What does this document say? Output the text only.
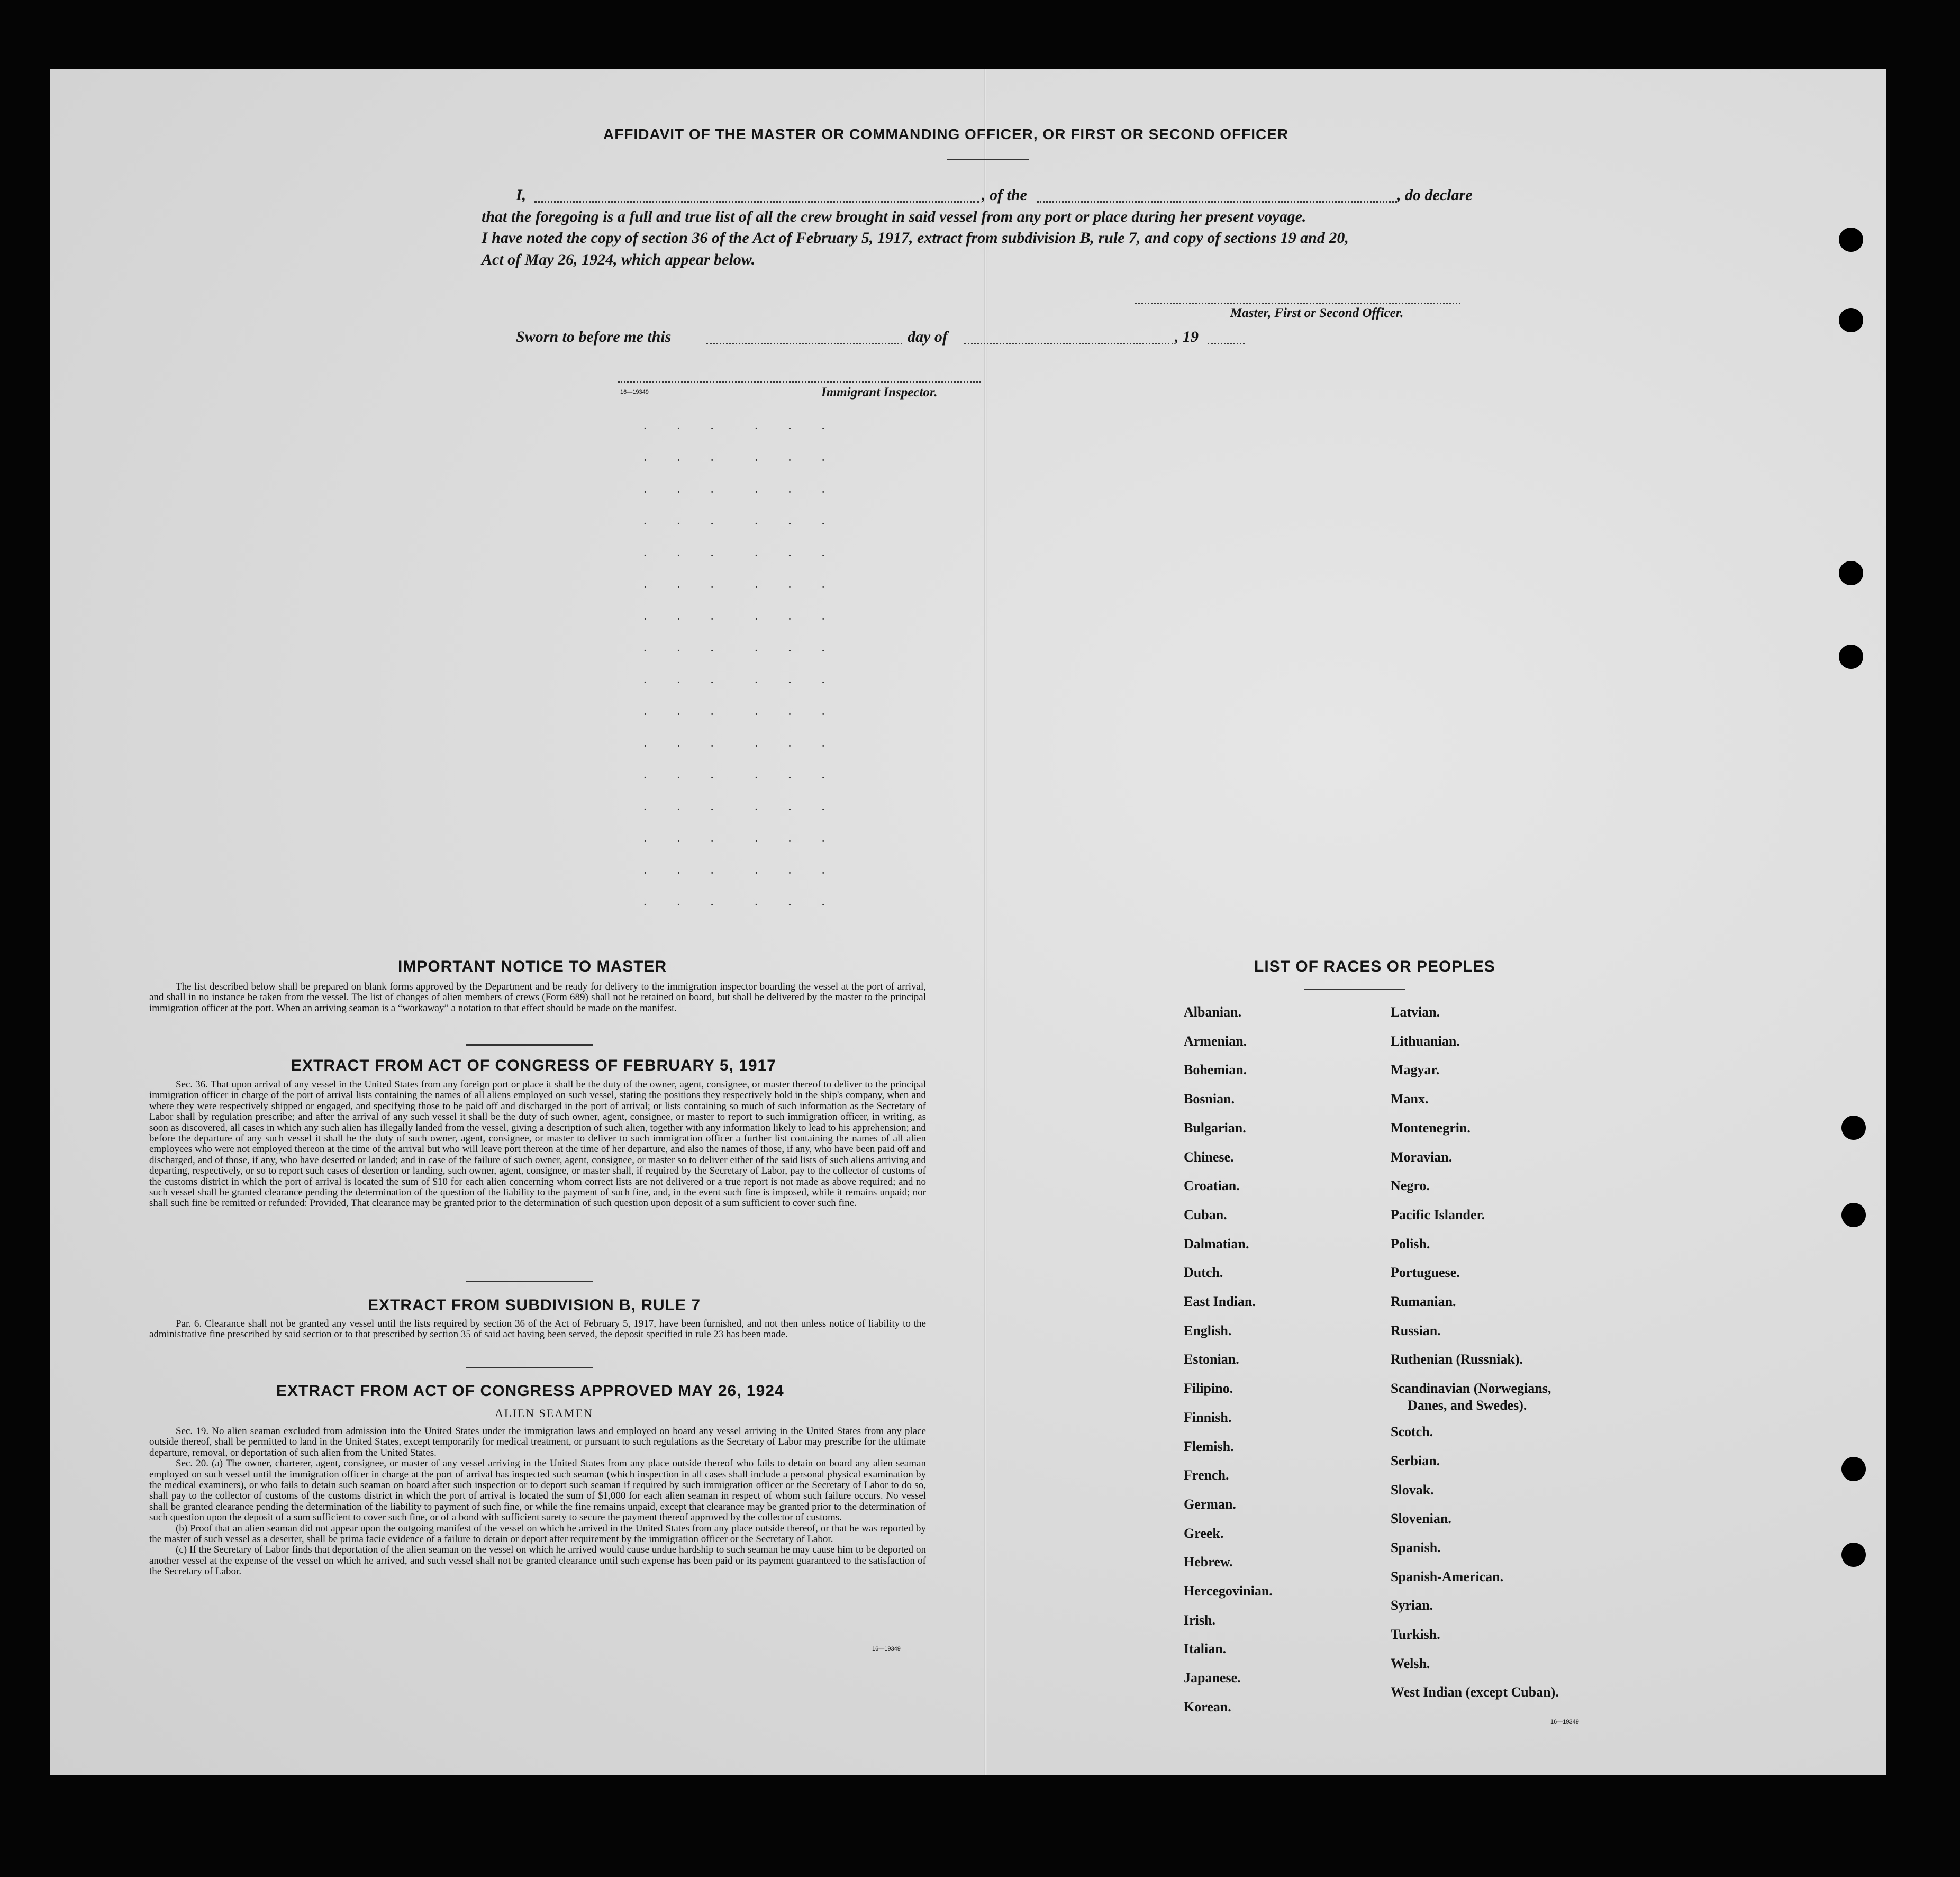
AFFIDAVIT OF THE MASTER OR COMMANDING OFFICER, OR FIRST OR SECOND OFFICER
I,	, of the	, do declare
that the foregoing is a full and true list of all the crew brought in said vessel from any port or place during her present voyage.
I have noted the copy of section 36 of the Act of February 5, 1917, extract from subdivision B, rule 7, and copy of sections 19 and 20,
Act of May 26, 1924, which appear below.
Master, First or Second Officer.
Sworn to before me this	day of	, 19
16—19349	Immigrant Inspector.
· · ·
· · ·
· · ·
· · ·
· · ·
· · ·
· · ·
· · ·
· · ·
· · ·
· · ·
· · ·
· · ·
· · ·
· · ·
· · ·
· · ·
· · ·
· · ·
· · ·
· · ·
· · ·
· · ·
· · ·
· · ·
· · ·
· · ·
· · ·
· · ·
· · ·
· · ·
· · ·
IMPORTANT NOTICE TO MASTER

The list described below shall be prepared on blank forms approved by the Department and be ready for delivery to the immigration inspector boarding the vessel at the port of arrival, and shall in no instance be taken from the vessel. The list of changes of alien members of crews (Form 689) shall not be retained on board, but shall be delivered by the master to the principal immigration officer at the port. When an arriving seaman is a “workaway” a notation to that effect should be made on the manifest.

EXTRACT FROM ACT OF CONGRESS OF FEBRUARY 5, 1917

Sec. 36. That upon arrival of any vessel in the United States from any foreign port or place it shall be the duty of the owner, agent, consignee, or master thereof to deliver to the principal immigration officer in charge of the port of arrival lists containing the names of all aliens employed on such vessel, stating the positions they respectively hold in the ship's company, when and where they were respectively shipped or engaged, and specifying those to be paid off and discharged in the port of arrival; or lists containing so much of such information as the Secretary of Labor shall by regulation prescribe; and after the arrival of any such vessel it shall be the duty of such owner, agent, consignee, or master to report to such immigration officer, in writing, as soon as discovered, all cases in which any such alien has illegally landed from the vessel, giving a description of such alien, together with any information likely to lead to his apprehension; and before the departure of any such vessel it shall be the duty of such owner, agent, consignee, or master to deliver to such immigration officer a further list containing the names of all alien employees who were not employed thereon at the time of the arrival but who will leave port thereon at the time of her departure, and also the names of those, if any, who have been paid off and discharged, and of those, if any, who have deserted or landed; and in case of the failure of such owner, agent, consignee, or master so to deliver either of the said lists of such aliens arriving and departing, respectively, or so to report such cases of desertion or landing, such owner, agent, consignee, or master shall, if required by the Secretary of Labor, pay to the collector of customs of the customs district in which the port of arrival is located the sum of $10 for each alien concerning whom correct lists are not delivered or a true report is not made as above required; and no such vessel shall be granted clearance pending the determination of the question of the liability to the payment of such fine, and, in the event such fine is imposed, while it remains unpaid; nor shall such fine be remitted or refunded: Provided, That clearance may be granted prior to the determination of such question upon deposit of a sum sufficient to cover such fine.

EXTRACT FROM SUBDIVISION B, RULE 7

Par. 6. Clearance shall not be granted any vessel until the lists required by section 36 of the Act of February 5, 1917, have been furnished, and not then unless notice of liability to the administrative fine prescribed by said section or to that prescribed by section 35 of said act having been served, the deposit specified in rule 23 has been made.

EXTRACT FROM ACT OF CONGRESS APPROVED MAY 26, 1924
ALIEN SEAMEN

Sec. 19. No alien seaman excluded from admission into the United States under the immigration laws and employed on board any vessel arriving in the United States from any place outside thereof, shall be permitted to land in the United States, except temporarily for medical treatment, or pursuant to such regulations as the Secretary of Labor may prescribe for the ultimate departure, removal, or deportation of such alien from the United States.

Sec. 20. (a) The owner, charterer, agent, consignee, or master of any vessel arriving in the United States from any place outside thereof who fails to detain on board any alien seaman employed on such vessel until the immigration officer in charge at the port of arrival has inspected such seaman (which inspection in all cases shall include a personal physical examination by the medical examiners), or who fails to detain such seaman on board after such inspection or to deport such seaman if required by such immigration officer or the Secretary of Labor to do so, shall pay to the collector of customs of the customs district in which the port of arrival is located the sum of $1,000 for each alien seaman in respect of whom such failure occurs. No vessel shall be granted clearance pending the determination of the liability to payment of such fine, or while the fine remains unpaid, except that clearance may be granted prior to the determination of such question upon the deposit of a sum sufficient to cover such fine, or of a bond with sufficient surety to secure the payment thereof approved by the collector of customs.

(b) Proof that an alien seaman did not appear upon the outgoing manifest of the vessel on which he arrived in the United States from any place outside thereof, or that he was reported by the master of such vessel as a deserter, shall be prima facie evidence of a failure to detain or deport after requirement by the immigration officer or the Secretary of Labor.

(c) If the Secretary of Labor finds that deportation of the alien seaman on the vessel on which he arrived would cause undue hardship to such seaman he may cause him to be deported on another vessel at the expense of the vessel on which he arrived, and such vessel shall not be granted clearance until such expense has been paid or its payment guaranteed to the satisfaction of the Secretary of Labor.

16—19349
LIST OF RACES OR PEOPLES
Albanian.
Armenian.
Bohemian.
Bosnian.
Bulgarian.
Chinese.
Croatian.
Cuban.
Dalmatian.
Dutch.
East Indian.
English.
Estonian.
Filipino.
Finnish.
Flemish.
French.
German.
Greek.
Hebrew.
Hercegovinian.
Irish.
Italian.
Japanese.
Korean.
Latvian.
Lithuanian.
Magyar.
Manx.
Montenegrin.
Moravian.
Negro.
Pacific Islander.
Polish.
Portuguese.
Rumanian.
Russian.
Ruthenian (Russniak).
Scandinavian (Norwegians,
Danes, and Swedes).
Scotch.
Serbian.
Slovak.
Slovenian.
Spanish.
Spanish-American.
Syrian.
Turkish.
Welsh.
West Indian (except Cuban).
16—19349
